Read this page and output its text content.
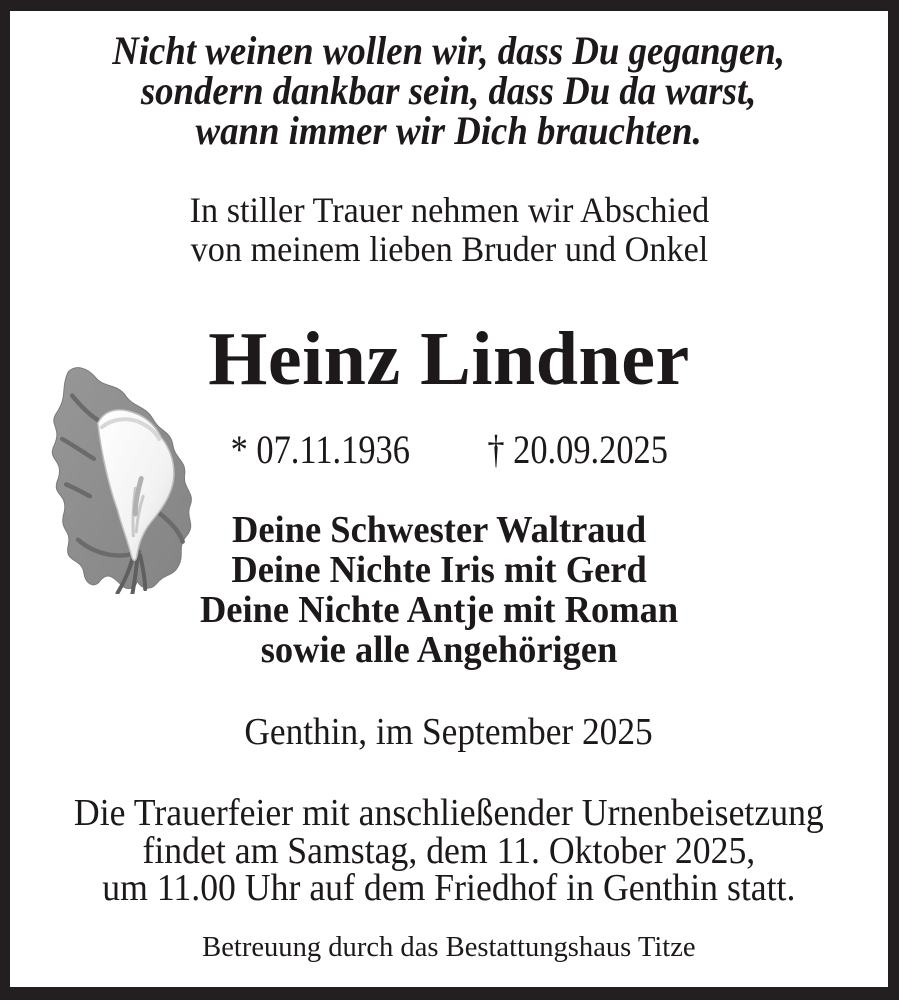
Nicht weinen wollen wir, dass Du gegangen,
sondern dankbar sein, dass Du da warst,
wann immer wir Dich brauchten.
In stiller Trauer nehmen wir Abschied
von meinem lieben Bruder und Onkel
Heinz Lindner
* 07.11.1936 † 20.09.2025
Deine Schwester Waltraud
Deine Nichte Iris mit Gerd
Deine Nichte Antje mit Roman
sowie alle Angehörigen
Genthin, im September 2025
Die Trauerfeier mit anschließender Urnenbeisetzung
findet am Samstag, dem 11. Oktober 2025,
um 11.00 Uhr auf dem Friedhof in Genthin statt.
Betreuung durch das Bestattungshaus Titze
